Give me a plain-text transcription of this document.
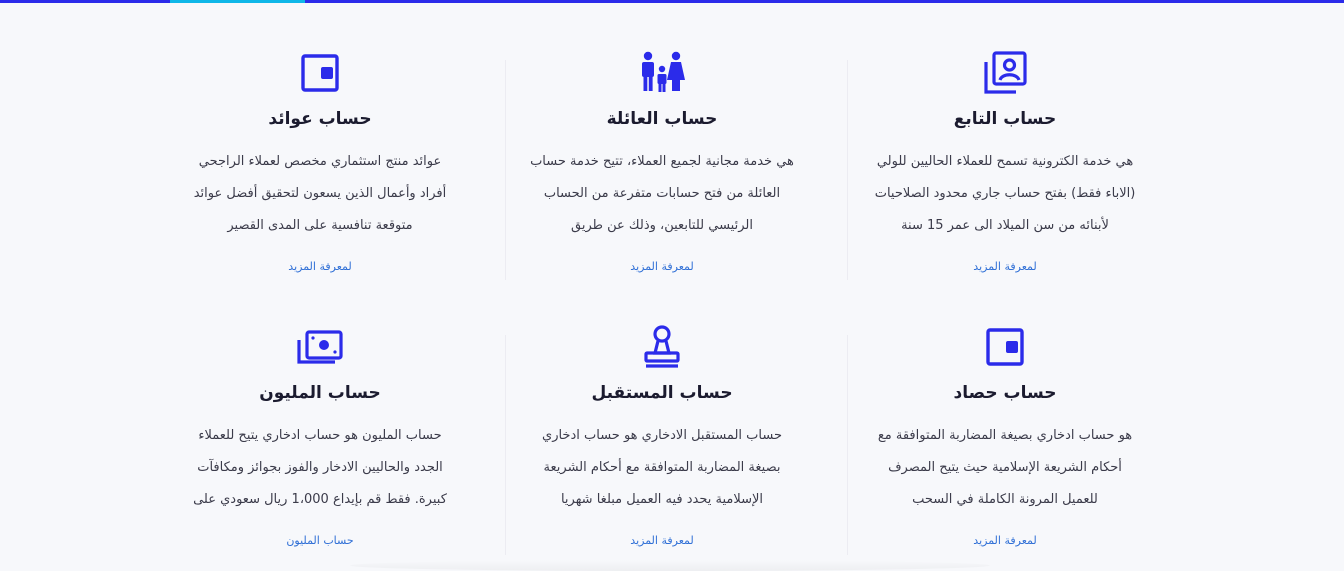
حساب عوائد
عوائد منتج استثماري مخصص لعملاء الراجحي أفراد وأعمال الذين يسعون لتحقيق أفضل عوائد متوقعة تنافسية على المدى القصير
لمعرفة المزيد
حساب العائلة
هي خدمة مجانية لجميع العملاء، تتيح خدمة حساب العائلة من فتح حسابات متفرعة من الحساب الرئيسي للتابعين، وذلك عن طريق
لمعرفة المزيد
حساب التابع
هي خدمة الكترونية تسمح للعملاء الحاليين للولي (الاباء فقط) بفتح حساب جاري محدود الصلاحيات لأبنائه من سن الميلاد الى عمر 15 سنة
لمعرفة المزيد
حساب المليون
حساب المليون هو حساب ادخاري يتيح للعملاء الجدد والحاليين الادخار والفوز بجوائز ومكافآت كبيرة. فقط قم بإيداع 1،000 ريال سعودي على
حساب المليون
حساب المستقبل
حساب المستقبل الادخاري هو حساب ادخاري بصيغة المضاربة المتوافقة مع أحكام الشريعة الإسلامية يحدد فيه العميل مبلغا شهريا
لمعرفة المزيد
حساب حصاد
هو حساب ادخاري بصيغة المضاربة المتوافقة مع أحكام الشريعة الإسلامية حيث يتيح المصرف للعميل المرونة الكاملة في السحب
لمعرفة المزيد
